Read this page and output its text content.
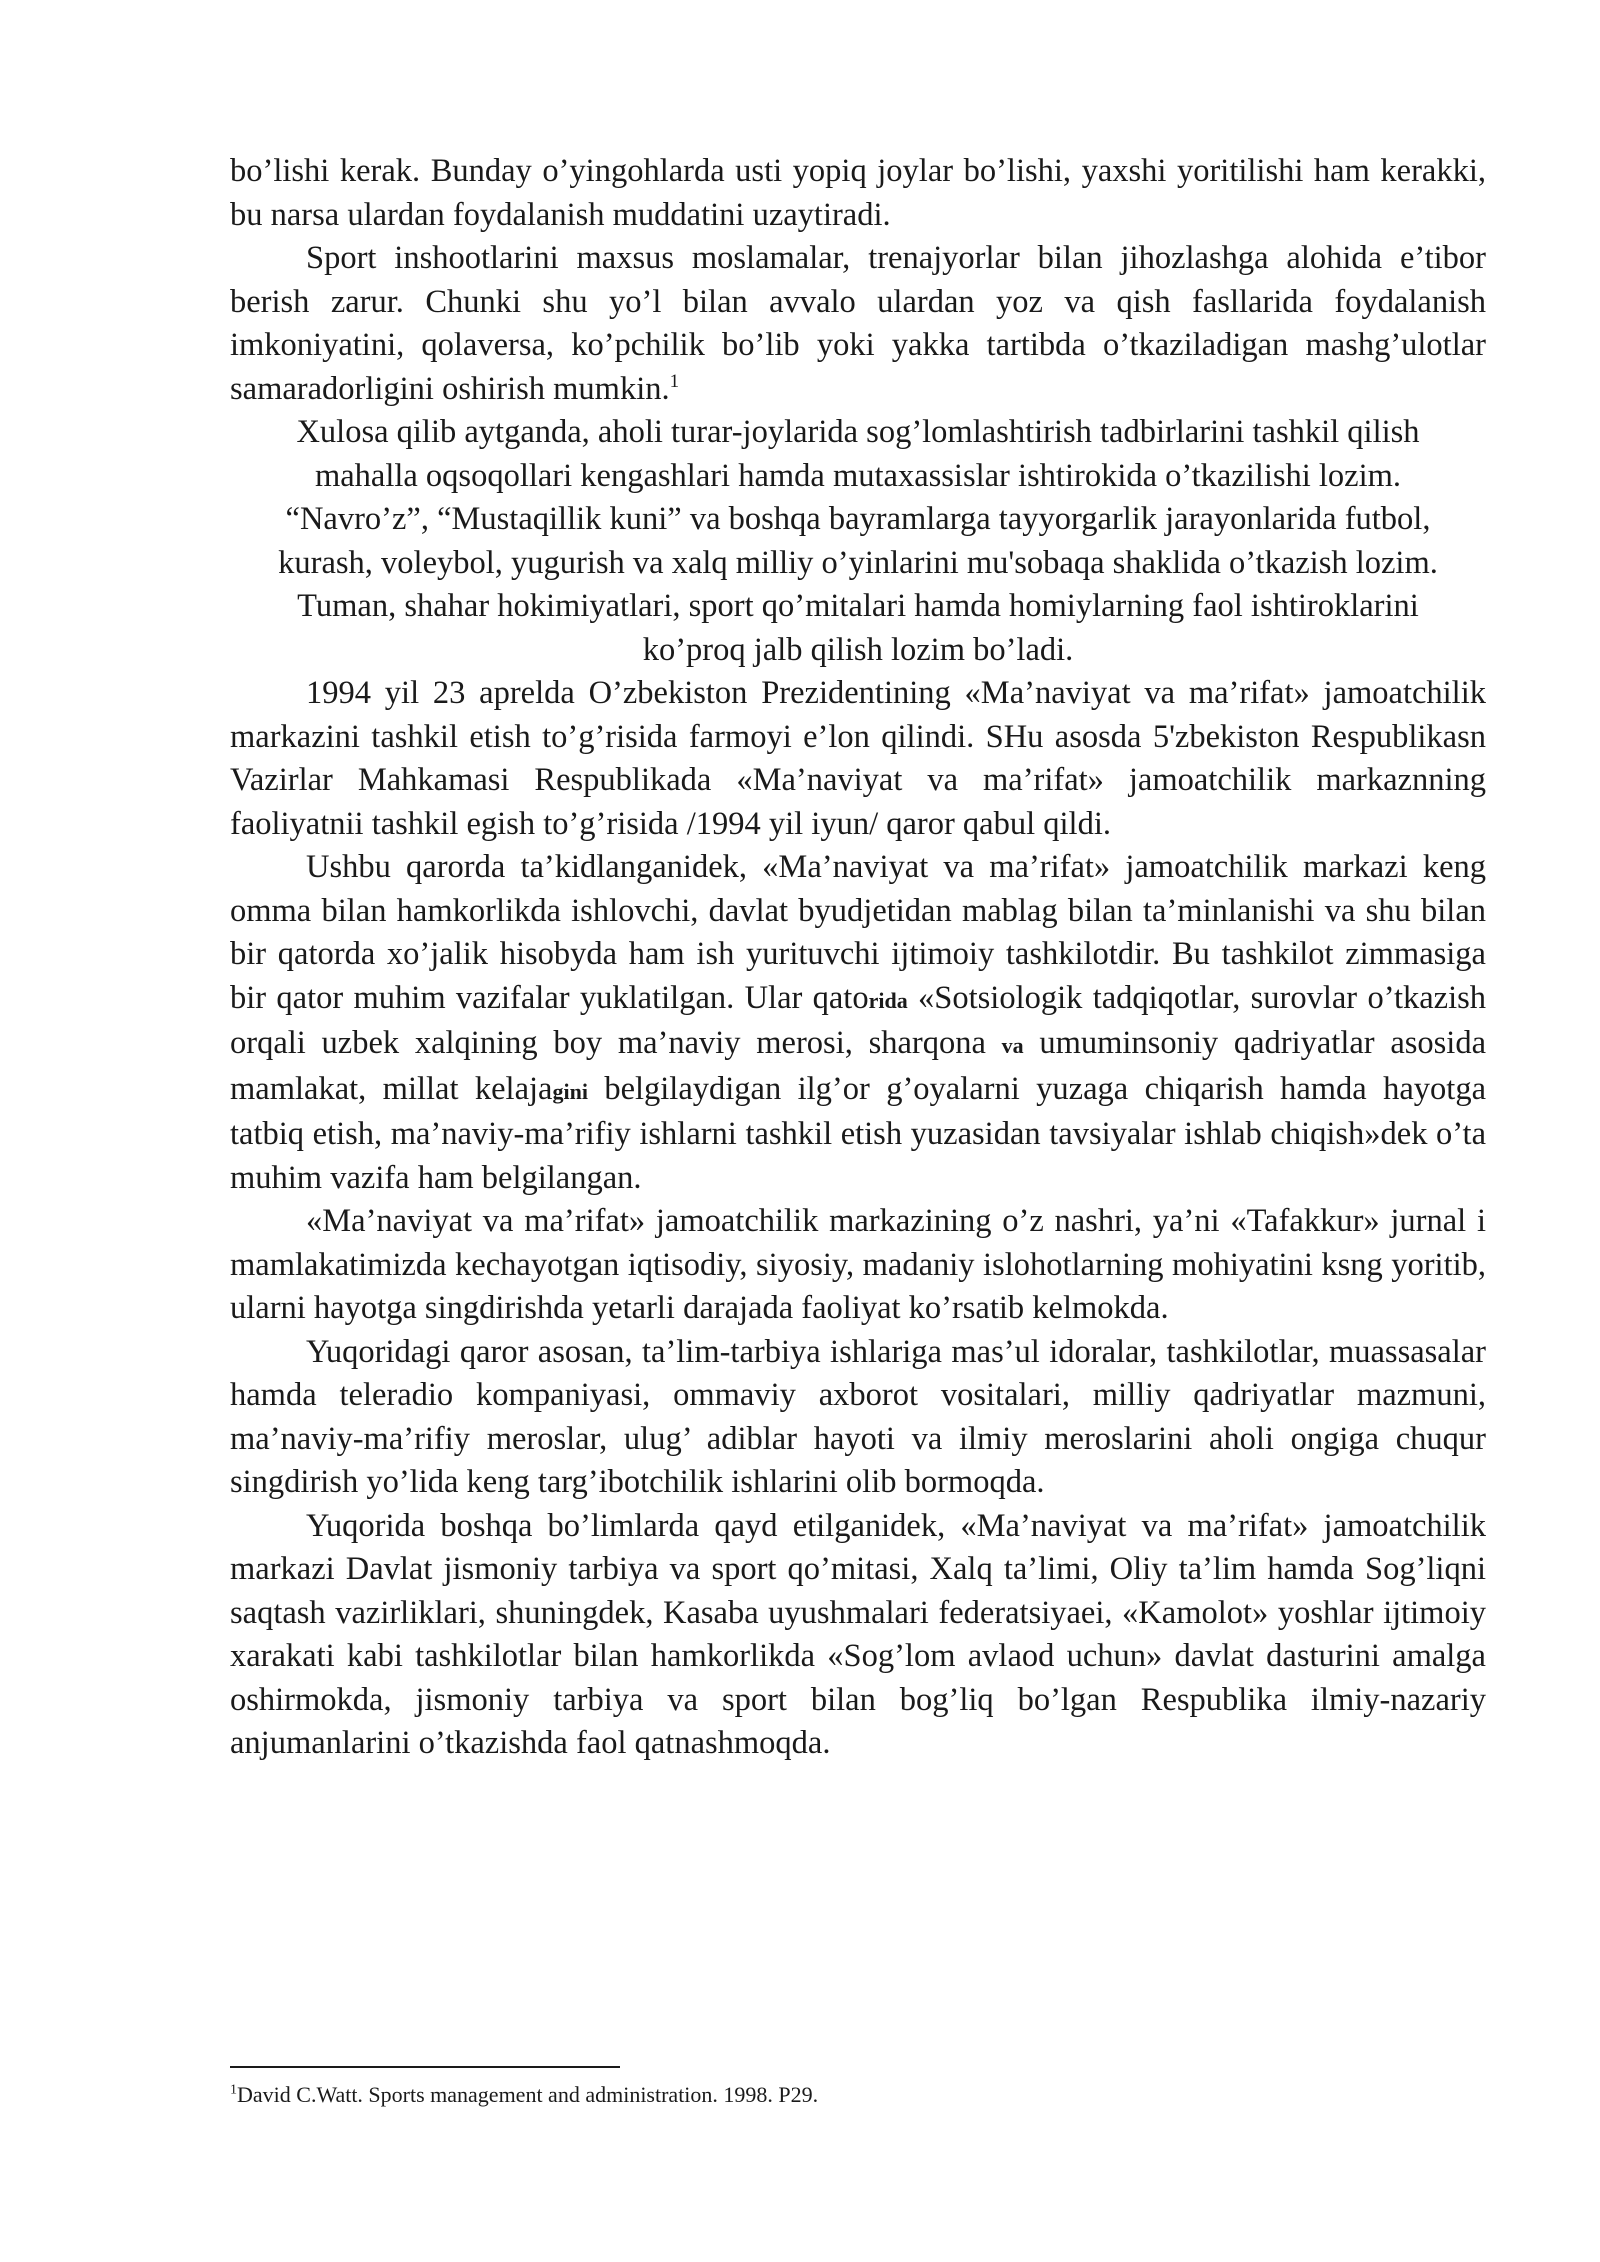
bo’lishi kerak. Bunday o’yingohlarda usti yopiq joylar bo’lishi, yaxshi yoritilishi ham kerakki, bu narsa ulardan foydalanish muddatini uzaytiradi.

Sport inshootlarini maxsus moslamalar, trenajyorlar bilan jihozlashga alohida e’tibor berish zarur. Chunki shu yo’l bilan avvalo ulardan yoz va qish fasllarida foydalanish imkoniyatini, qolaversa, ko’pchilik bo’lib yoki yakka tartibda o’tkaziladigan mashg’ulotlar samaradorligini oshirish mumkin.$^1$

Xulosa qilib aytganda, aholi turar-joylarida sog’lomlashtirish tadbirlarini tashkil qilish mahalla oqsoqollari kengashlari hamda mutaxassislar ishtirokida o’tkazilishi lozim. “Navro’z”, “Mustaqillik kuni” va boshqa bayramlarga tayyorgarlik jarayonlarida futbol, kurash, voleybol, yugurish va xalq milliy o’yinlarini mu'sobaqa shaklida o’tkazish lozim. Tuman, shahar hokimiyatlari, sport qo’mitalari hamda homiylarning faol ishtiroklarini ko’proq jalb qilish lozim bo’ladi.

1994 yil 23 aprelda O’zbekiston Prezidentining «Ma’naviyat va ma’rifat» jamoatchilik markazini tashkil etish to’g’risida farmoyi e’lon qilindi. SHu asosda 5'zbekiston Respublikasn Vazirlar Mahkamasi Respublikada «Ma’naviyat va ma’rifat» jamoatchilik markaznning faoliyatnii tashkil egish to’g’risida /1994 yil iyun/ qaror qabul qildi.

Ushbu qarorda ta’kidlanganidek, «Ma’naviyat va ma’rifat» jamoatchilik markazi keng omma bilan hamkorlikda ishlovchi, davlat byudjetidan mablag bilan ta’minlanishi va shu bilan bir qatorda xo’jalik hisobyda ham ish yurituvchi ijtimoiy tashkilotdir. Bu tashkilot zimmasiga bir qator muhim vazifalar yuklatilgan. Ular qatorida «Sotsiologik tadqiqotlar, surovlar o’tkazish orqali uzbek xalqining boy ma’naviy merosi, sharqona va umuminsoniy qadriyatlar asosida mamlakat, millat kelajagini belgilaydigan ilg’or g’oyalarni yuzaga chiqarish hamda hayotga tatbiq etish, ma’naviy-ma’rifiy ishlarni tashkil etish yuzasidan tavsiyalar ishlab chiqish»dek o’ta muhim vazifa ham belgilangan.

«Ma’naviyat va ma’rifat» jamoatchilik markazining o’z nashri, ya’ni «Tafakkur» jurnal i mamlakatimizda kechayotgan iqtisodiy, siyosiy, madaniy islohotlarning mohiyatini ksng yoritib, ularni hayotga singdirishda yetarli darajada faoliyat ko’rsatib kelmokda.

Yuqoridagi qaror asosan, ta’lim-tarbiya ishlariga mas’ul idoralar, tashkilotlar, muassasalar hamda teleradio kompaniyasi, ommaviy axborot vositalari, milliy qadriyatlar mazmuni, ma’naviy-ma’rifiy meroslar, ulug’ adiblar hayoti va ilmiy meroslarini aholi ongiga chuqur singdirish yo’lida keng targ’ibotchilik ishlarini olib bormoqda.

Yuqorida boshqa bo’limlarda qayd etilganidek, «Ma’naviyat va ma’rifat» jamoatchilik markazi Davlat jismoniy tarbiya va sport qo’mitasi, Xalq ta’limi, Oliy ta’lim hamda Sog’liqni saqtash vazirliklari, shuningdek, Kasaba uyushmalari federatsiyaei, «Kamolot» yoshlar ijtimoiy xarakati kabi tashkilotlar bilan hamkorlikda «Sog’lom avlaod uchun» davlat dasturini amalga oshirmokda, jismoniy tarbiya va sport bilan bog’liq bo’lgan Respublika ilmiy-nazariy anjumanlarini o’tkazishda faol qatnashmoqda.

$^1$David C.Watt. Sports management and administration. 1998. P29.
